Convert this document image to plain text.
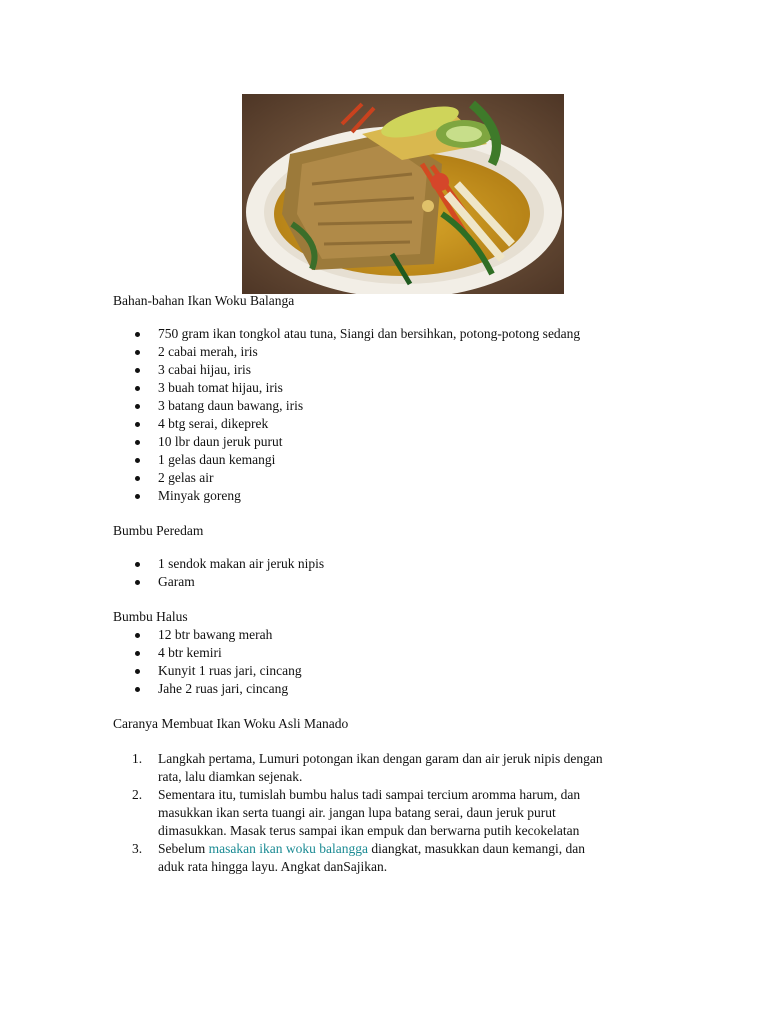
Bahan-bahan Ikan Woku Balanga

750 gram ikan tongkol atau tuna, Siangi dan bersihkan, potong-potong sedang
2 cabai merah, iris
3 cabai hijau, iris
3 buah tomat hijau, iris
3 batang daun bawang, iris
4 btg serai, dikeprek
10 lbr daun jeruk purut
1 gelas daun kemangi
2 gelas air
Minyak goreng

Bumbu Peredam

1 sendok makan air jeruk nipis
Garam

Bumbu Halus

12 btr bawang merah
4 btr kemiri
Kunyit 1 ruas jari, cincang
Jahe 2 ruas jari, cincang

Caranya Membuat Ikan Woku Asli Manado

1. Langkah pertama, Lumuri potongan ikan dengan garam dan air jeruk nipis dengan
rata, lalu diamkan sejenak.
2. Sementara itu, tumislah bumbu halus tadi sampai tercium aromma harum, dan
masukkan ikan serta tuangi air. jangan lupa batang serai, daun jeruk purut
dimasukkan. Masak terus sampai ikan empuk dan berwarna putih kecokelatan
3. Sebelum masakan ikan woku balangga diangkat, masukkan daun kemangi, dan
aduk rata hingga layu. Angkat danSajikan.
